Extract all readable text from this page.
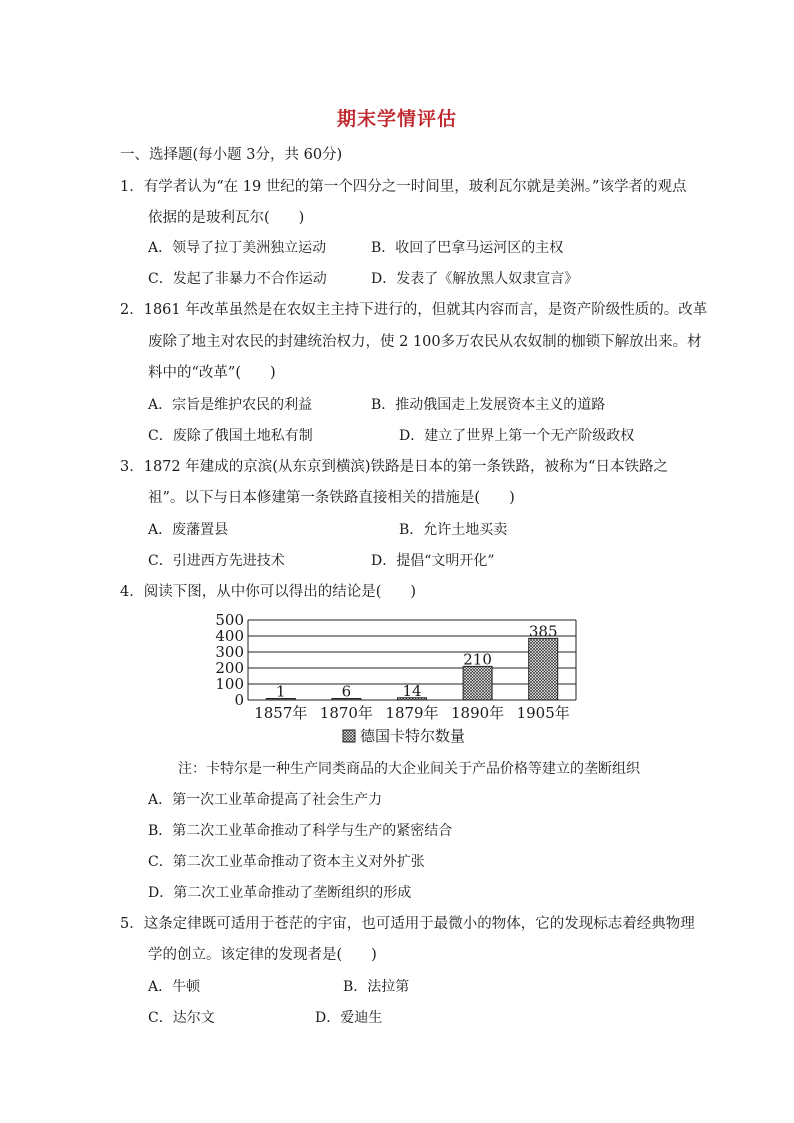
期末学情评估
一、选择题(每小题 3分，共 60分)
1．有学者认为“在 19 世纪的第一个四分之一时间里，玻利瓦尔就是美洲。”该学者的观点
依据的是玻利瓦尔(　　)
A．领导了拉丁美洲独立运动	B．收回了巴拿马运河区的主权
C．发起了非暴力不合作运动	D．发表了《解放黑人奴隶宣言》
2．1861 年改革虽然是在农奴主主持下进行的，但就其内容而言，是资产阶级性质的。改革
废除了地主对农民的封建统治权力，使 2 100多万农民从农奴制的枷锁下解放出来。材
料中的“改革”(　　)
A．宗旨是维护农民的利益	B．推动俄国走上发展资本主义的道路
C．废除了俄国土地私有制	D．建立了世界上第一个无产阶级政权
3．1872 年建成的京滨(从东京到横滨)铁路是日本的第一条铁路，被称为“日本铁路之
祖”。以下与日本修建第一条铁路直接相关的措施是(　　)
A．废藩置县	B．允许土地买卖
C．引进西方先进技术	D．提倡“文明开化”
4．阅读下图，从中你可以得出的结论是(　　)
0
100
200
300
400
500
1	6	14
210
385
1857年 1870年 1879年 1890年 1905年
德国卡特尔数量
注：卡特尔是一种生产同类商品的大企业间关于产品价格等建立的垄断组织
A．第一次工业革命提高了社会生产力
B．第二次工业革命推动了科学与生产的紧密结合
C．第二次工业革命推动了资本主义对外扩张
D．第二次工业革命推动了垄断组织的形成
5．这条定律既可适用于苍茫的宇宙，也可适用于最微小的物体，它的发现标志着经典物理
学的创立。该定律的发现者是(　　)
A．牛顿	B．法拉第
C．达尔文	D．爱迪生
